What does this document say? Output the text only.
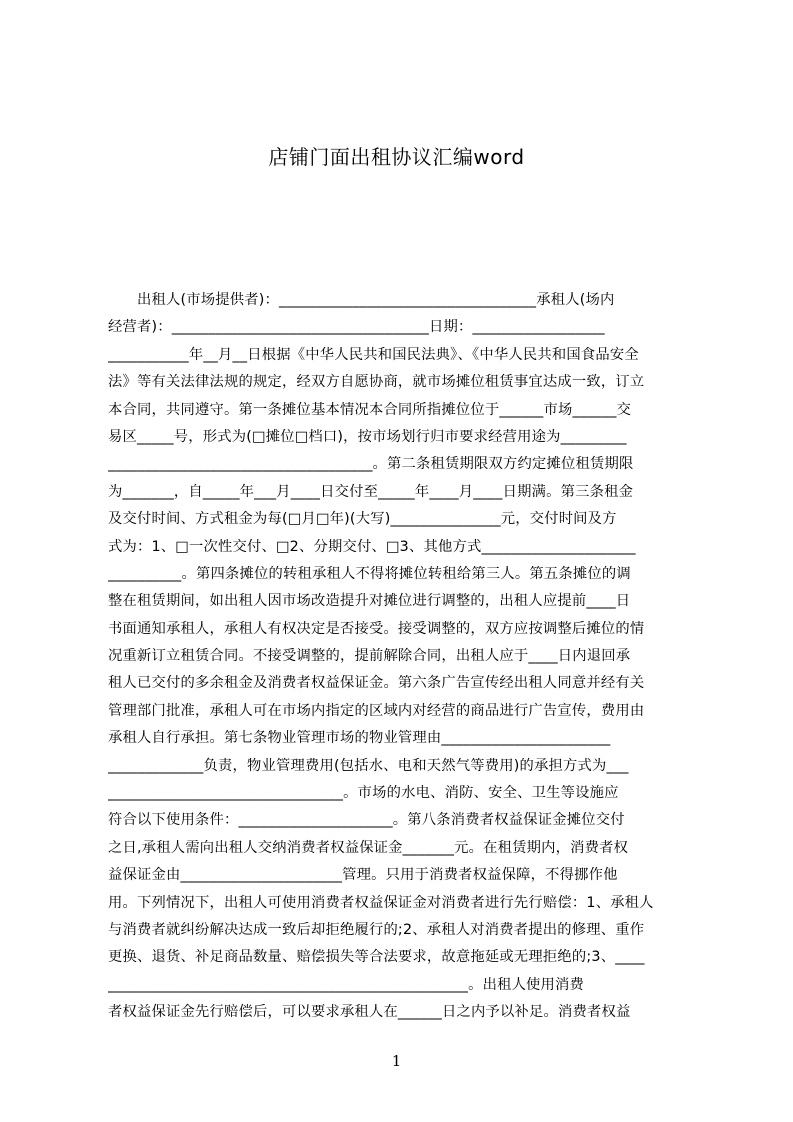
店铺门面出租协议汇编word
　　出租人(市场提供者)：___________________________________承租人(场内
经营者)：___________________________________日期：__________________
___________年__月__日根据《中华人民共和国民法典》、《中华人民共和国食品安全
法》等有关法律法规的规定，经双方自愿协商，就市场摊位租赁事宜达成一致，订立
本合同，共同遵守。第一条摊位基本情况本合同所指摊位位于______市场______交
易区_____号，形式为(□摊位□档口)，按市场划行归市要求经营用途为_________
____________________________________。第二条租赁期限双方约定摊位租赁期限
为_______，自_____年___月____日交付至_____年____月____日期满。第三条租金
及交付时间、方式租金为每(□月□年)(大写)_______________元，交付时间及方
式为：1、□一次性交付、□2、分期交付、□3、其他方式_____________________
__________。第四条摊位的转租承租人不得将摊位转租给第三人。第五条摊位的调
整在租赁期间，如出租人因市场改造提升对摊位进行调整的，出租人应提前____日
书面通知承租人，承租人有权决定是否接受。接受调整的，双方应按调整后摊位的情
况重新订立租赁合同。不接受调整的，提前解除合同，出租人应于____日内退回承
租人已交付的多余租金及消费者权益保证金。第六条广告宣传经出租人同意并经有关
管理部门批准，承租人可在市场内指定的区域内对经营的商品进行广告宣传，费用由
承租人自行承担。第七条物业管理市场的物业管理由_______________________
_____________负责，物业管理费用(包括水、电和天然气等费用)的承担方式为___
________________________________。市场的水电、消防、安全、卫生等设施应
符合以下使用条件：_____________________。第八条消费者权益保证金摊位交付
之日,承租人需向出租人交纳消费者权益保证金_______元。在租赁期内，消费者权
益保证金由______________________管理。只用于消费者权益保障，不得挪作他
用。下列情况下，出租人可使用消费者权益保证金对消费者进行先行赔偿：1、承租人
与消费者就纠纷解决达成一致后却拒绝履行的;2、承租人对消费者提出的修理、重作
更换、退货、补足商品数量、赔偿损失等合法要求，故意拖延或无理拒绝的;3、____
_________________________________________________。出租人使用消费
者权益保证金先行赔偿后，可以要求承租人在______日之内予以补足。消费者权益
1
